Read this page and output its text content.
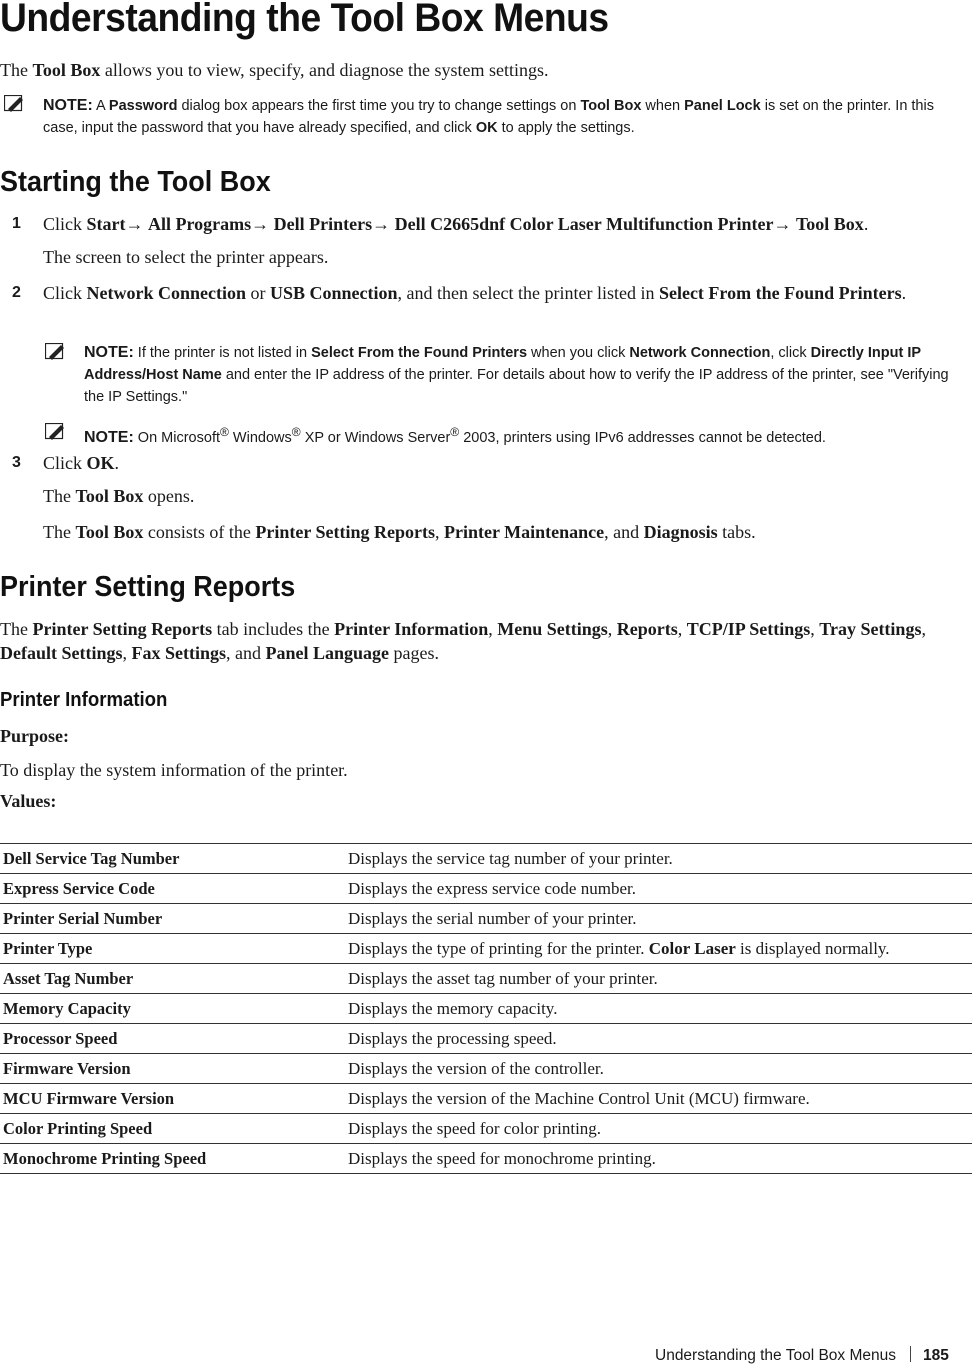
Understanding the Tool Box Menus

The Tool Box allows you to view, specify, and diagnose the system settings.

NOTE: A Password dialog box appears the first time you try to change settings on Tool Box when Panel Lock is set on the printer. In this case, input the password that you have already specified, and click OK to apply the settings.

Starting the Tool Box
1 Click Start→ All Programs→ Dell Printers→ Dell C2665dnf Color Laser Multifunction Printer→ Tool Box.

The screen to select the printer appears.

2 Click Network Connection or USB Connection, and then select the printer listed in Select From the Found Printers.

NOTE: If the printer is not listed in Select From the Found Printers when you click Network Connection, click Directly Input IP Address/Host Name and enter the IP address of the printer. For details about how to verify the IP address of the printer, see "Verifying the IP Settings."

NOTE: On Microsoft® Windows® XP or Windows Server® 2003, printers using IPv6 addresses cannot be detected.

3 Click OK.

The Tool Box opens.

The Tool Box consists of the Printer Setting Reports, Printer Maintenance, and Diagnosis tabs.

Printer Setting Reports

The Printer Setting Reports tab includes the Printer Information, Menu Settings, Reports, TCP/IP Settings, Tray Settings, Default Settings, Fax Settings, and Panel Language pages.

Printer Information

Purpose:

To display the system information of the printer.

Values:

Dell Service Tag Number	Displays the service tag number of your printer.
Express Service Code	Displays the express service code number.
Printer Serial Number	Displays the serial number of your printer.
Printer Type	Displays the type of printing for the printer. Color Laser is displayed normally.
Asset Tag Number	Displays the asset tag number of your printer.
Memory Capacity	Displays the memory capacity.
Processor Speed	Displays the processing speed.
Firmware Version	Displays the version of the controller.
MCU Firmware Version	Displays the version of the Machine Control Unit (MCU) firmware.
Color Printing Speed	Displays the speed for color printing.
Monochrome Printing Speed	Displays the speed for monochrome printing.
Understanding the Tool Box Menus 185
